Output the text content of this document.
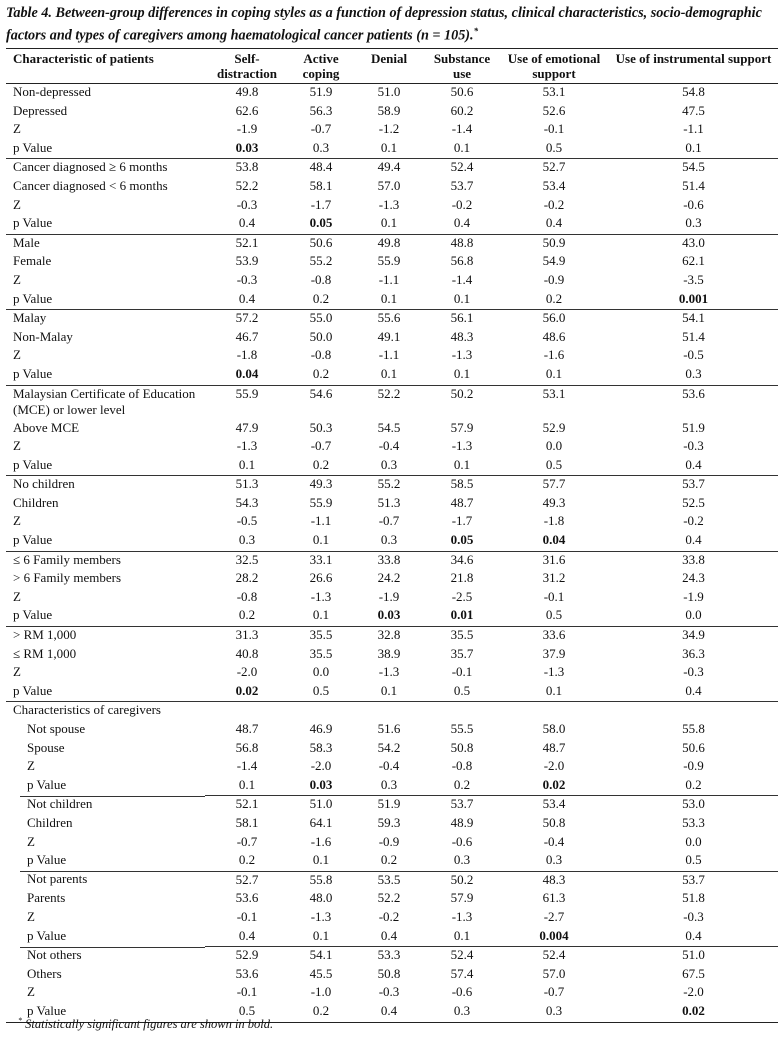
Table 4. Between-group differences in coping styles as a function of depression status, clinical characteristics, socio-demographic factors and types of caregivers among haematological cancer patients (n = 105).*
Characteristic of patients	Self-distraction	Active coping	Denial	Substance use	Use of emotional support	Use of instrumental support
Non-depressed	49.8	51.9	51.0	50.6	53.1	54.8
Depressed	62.6	56.3	58.9	60.2	52.6	47.5
Z	-1.9	-0.7	-1.2	-1.4	-0.1	-1.1
p Value	0.03	0.3	0.1	0.1	0.5	0.1
Cancer diagnosed ≥ 6 months	53.8	48.4	49.4	52.4	52.7	54.5
Cancer diagnosed < 6 months	52.2	58.1	57.0	53.7	53.4	51.4
Z	-0.3	-1.7	-1.3	-0.2	-0.2	-0.6
p Value	0.4	0.05	0.1	0.4	0.4	0.3
Male	52.1	50.6	49.8	48.8	50.9	43.0
Female	53.9	55.2	55.9	56.8	54.9	62.1
Z	-0.3	-0.8	-1.1	-1.4	-0.9	-3.5
p Value	0.4	0.2	0.1	0.1	0.2	0.001
Malay	57.2	55.0	55.6	56.1	56.0	54.1
Non-Malay	46.7	50.0	49.1	48.3	48.6	51.4
Z	-1.8	-0.8	-1.1	-1.3	-1.6	-0.5
p Value	0.04	0.2	0.1	0.1	0.1	0.3
Malaysian Certificate of Education (MCE) or lower level	55.9	54.6	52.2	50.2	53.1	53.6
Above MCE	47.9	50.3	54.5	57.9	52.9	51.9
Z	-1.3	-0.7	-0.4	-1.3	0.0	-0.3
p Value	0.1	0.2	0.3	0.1	0.5	0.4
No children	51.3	49.3	55.2	58.5	57.7	53.7
Children	54.3	55.9	51.3	48.7	49.3	52.5
Z	-0.5	-1.1	-0.7	-1.7	-1.8	-0.2
p Value	0.3	0.1	0.3	0.05	0.04	0.4
≤ 6 Family members	32.5	33.1	33.8	34.6	31.6	33.8
> 6 Family members	28.2	26.6	24.2	21.8	31.2	24.3
Z	-0.8	-1.3	-1.9	-2.5	-0.1	-1.9
p Value	0.2	0.1	0.03	0.01	0.5	0.0
> RM 1,000	31.3	35.5	32.8	35.5	33.6	34.9
≤ RM 1,000	40.8	35.5	38.9	35.7	37.9	36.3
Z	-2.0	0.0	-1.3	-0.1	-1.3	-0.3
p Value	0.02	0.5	0.1	0.5	0.1	0.4
Characteristics of caregivers						
Not spouse	48.7	46.9	51.6	55.5	58.0	55.8
Spouse	56.8	58.3	54.2	50.8	48.7	50.6
Z	-1.4	-2.0	-0.4	-0.8	-2.0	-0.9
p Value	0.1	0.03	0.3	0.2	0.02	0.2
Not children	52.1	51.0	51.9	53.7	53.4	53.0
Children	58.1	64.1	59.3	48.9	50.8	53.3
Z	-0.7	-1.6	-0.9	-0.6	-0.4	0.0
p Value	0.2	0.1	0.2	0.3	0.3	0.5
Not parents	52.7	55.8	53.5	50.2	48.3	53.7
Parents	53.6	48.0	52.2	57.9	61.3	51.8
Z	-0.1	-1.3	-0.2	-1.3	-2.7	-0.3
p Value	0.4	0.1	0.4	0.1	0.004	0.4
Not others	52.9	54.1	53.3	52.4	52.4	51.0
Others	53.6	45.5	50.8	57.4	57.0	67.5
Z	-0.1	-1.0	-0.3	-0.6	-0.7	-2.0
p Value	0.5	0.2	0.4	0.3	0.3	0.02
* Statistically significant figures are shown in bold.
